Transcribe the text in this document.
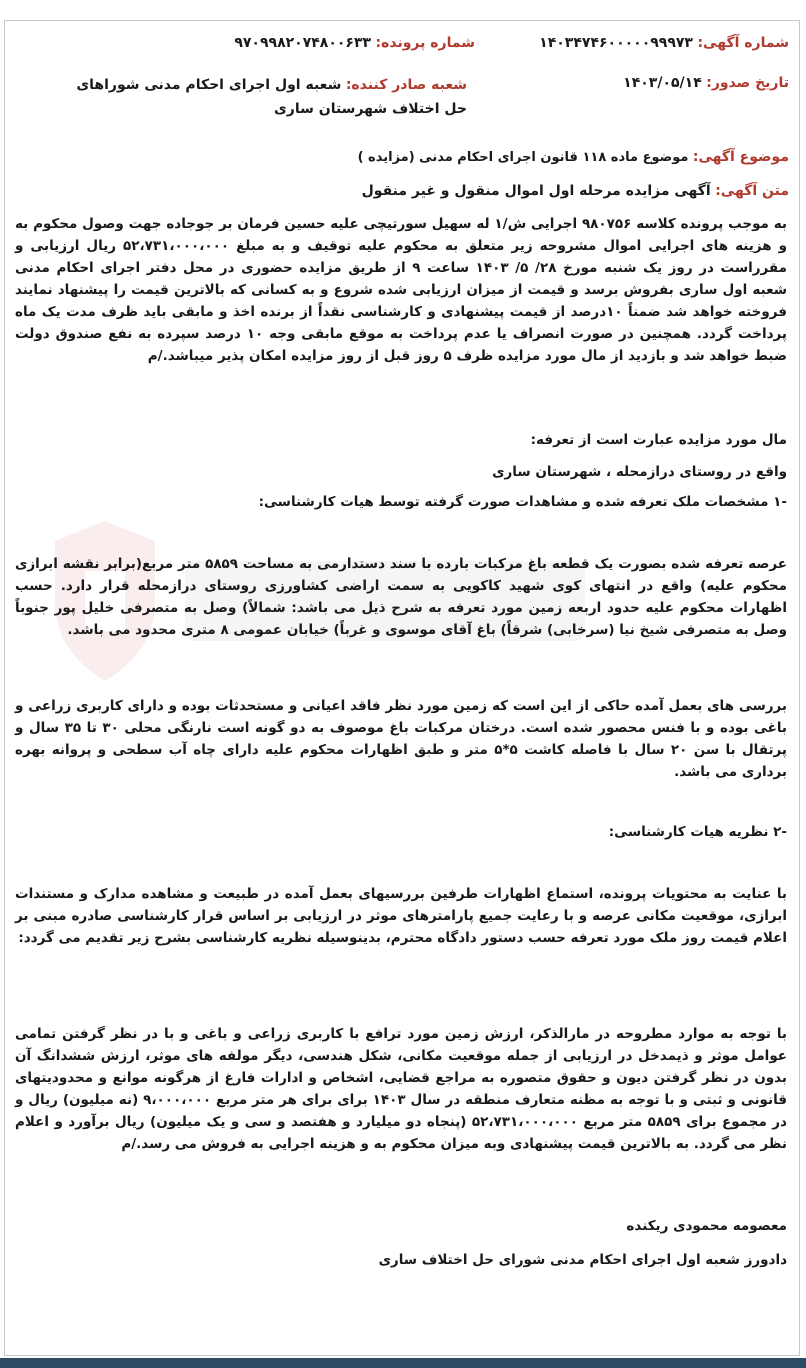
شماره آگهی: ۱۴۰۳۴۷۴۶۰۰۰۰۰۹۹۹۷۳
شماره پرونده: ۹۷۰۹۹۸۲۰۷۴۸۰۰۶۳۳
تاریخ صدور: ۱۴۰۳/۰۵/۱۴
شعبه صادر کننده: شعبه اول اجرای احکام مدنی شوراهای حل اختلاف شهرستان ساری
موضوع آگهی: موضوع ماده ۱۱۸ قانون اجرای احکام مدنی (مزایده )
متن آگهی: آگهی مزایده مرحله اول اموال منقول و غیر منقول
به موجب پرونده کلاسه ۹۸۰۷۵۶ اجرایی ش/۱ له سهیل سورتیچی علیه حسین فرمان بر جوجاده جهت وصول محکوم به و هزینه های اجرایی اموال مشروحه زیر متعلق به محکوم علیه توقیف و به مبلغ ۵۲،۷۳۱،۰۰۰،۰۰۰ ریال ارزیابی و مقرراست در روز یک شنبه مورخ ۲۸/ ۵/ ۱۴۰۳ ساعت ۹ از طریق مزایده حضوری در محل دفتر اجرای احکام مدنی شعبه اول ساری بفروش برسد و قیمت از میزان ارزیابی شده شروع و به کسانی که بالاترین قیمت را پیشنهاد نمایند فروخته خواهد شد ضمناً ۱۰درصد از قیمت پیشنهادی و کارشناسی نقداً از برنده اخذ و مابقی باید ظرف مدت یک ماه پرداخت گردد. همچنین در صورت انصراف یا عدم پرداخت به موقع مابقی وجه ۱۰ درصد سپرده به نفع صندوق دولت ضبط خواهد شد و بازدید از مال مورد مزایده ظرف ۵ روز قبل از روز مزایده امکان پذیر میباشد./م
مال مورد مزایده عبارت است از تعرفه:
واقع در روستای درازمحله ، شهرستان ساری
-۱ مشخصات ملک تعرفه شده و مشاهدات صورت گرفته توسط هیات کارشناسی:
عرصه تعرفه شده بصورت یک قطعه باغ مرکبات بارده با سند دستدارمی به مساحت ۵۸۵۹ متر مربع(برابر نقشه ابرازی محکوم علیه) واقع در انتهای کوی شهید کاکویی به سمت اراضی کشاورزی روستای درازمحله قرار دارد. حسب اظهارات محکوم علیه حدود اربعه زمین مورد تعرفه به شرح ذیل می باشد: شمالاً) وصل به متصرفی خلیل پور جنوباً وصل به متصرفی شیخ نیا (سرخابی) شرقاً) باغ آقای موسوی و غرباً) خیابان عمومی ۸ متری محدود می باشد.
بررسی های بعمل آمده حاکی از این است که زمین مورد نظر فاقد اعیانی و مستحدثات بوده و دارای کاربری زراعی و باغی بوده و با فنس محصور شده است. درختان مرکبات باغ موصوف به دو گونه است نارنگی محلی ۳۰ تا ۳۵ سال و پرتقال با سن ۲۰ سال با فاصله کاشت ۵*۵ متر و طبق اظهارات محکوم علیه دارای چاه آب سطحی و پروانه بهره برداری می باشد.
-۲ نظریه هیات کارشناسی:
با عنایت به محتویات پرونده، استماع اظهارات طرفین بررسیهای بعمل آمده در طبیعت و مشاهده مدارک و مستندات ابرازی، موقعیت مکانی عرصه و با رعایت جمیع پارامترهای موثر در ارزیابی بر اساس قرار کارشناسی صادره مبنی بر اعلام قیمت روز ملک مورد تعرفه حسب دستور دادگاه محترم، بدینوسیله نظریه کارشناسی بشرح زیر تقدیم می گردد:
با توجه به موارد مطروحه در مارالذکر، ارزش زمین مورد ترافع با کاربری زراعی و باغی و با در نظر گرفتن تمامی عوامل موثر و ذیمدخل در ارزیابی از جمله موقعیت مکانی، شکل هندسی، دیگر مولفه های موثر، ارزش ششدانگ آن بدون در نظر گرفتن دیون و حقوق متصوره به مراجع قضایی، اشخاص و ادارات فارغ از هرگونه موانع و محدودیتهای قانونی و ثبتی و با توجه به مظنه متعارف منطقه در سال ۱۴۰۳ برای برای هر متر مربع ۹،۰۰۰،۰۰۰ (نه میلیون) ریال و در مجموع برای ۵۸۵۹ متر مربع ۵۲،۷۳۱،۰۰۰،۰۰۰ (پنجاه دو میلیارد و هفتصد و سی و یک میلیون) ریال برآورد و اعلام نظر می گردد. به بالاترین قیمت پیشنهادی وبه میزان محکوم به و هزینه اجرایی به فروش می رسد./م
معصومه محمودی ریکنده
دادورز شعبه اول اجرای احکام مدنی شورای حل اختلاف ساری
